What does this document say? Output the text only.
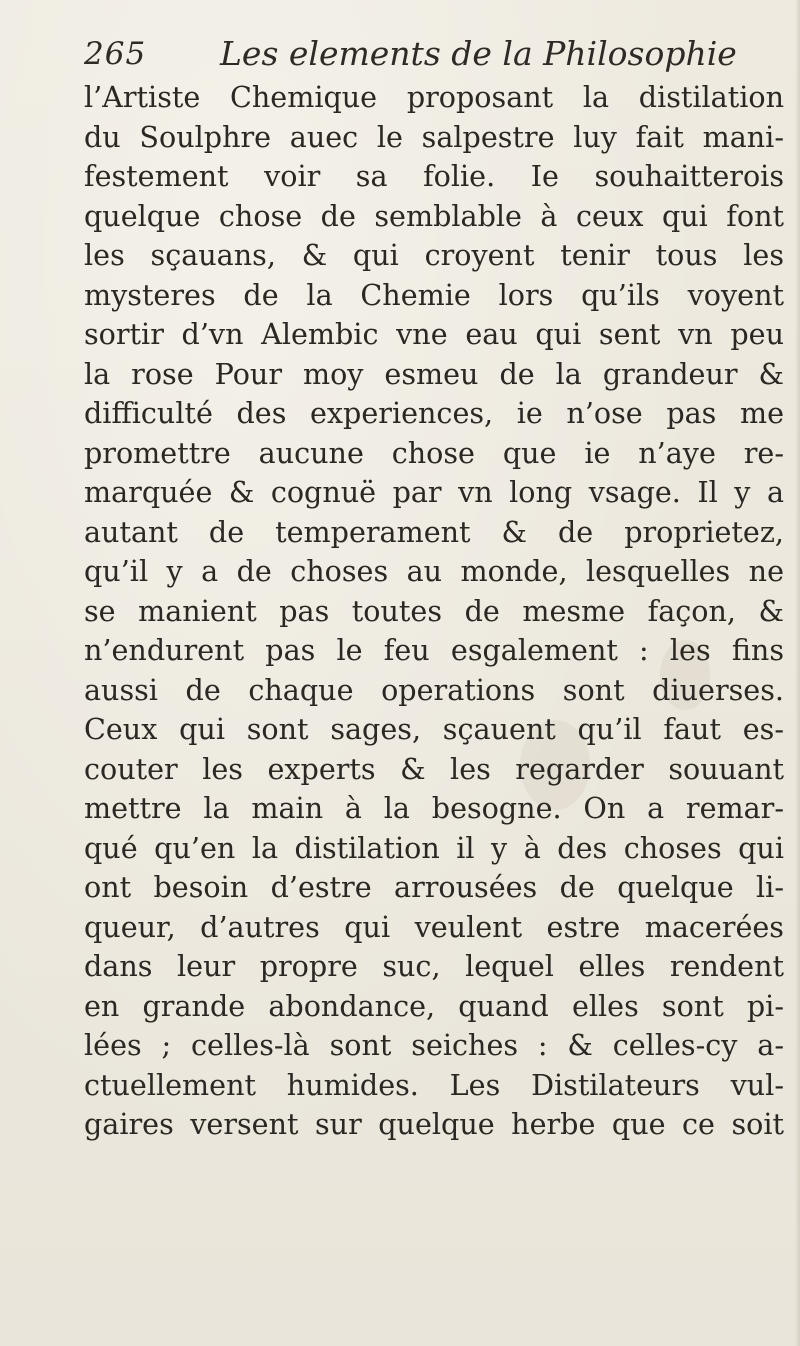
265 Les elements de la Philosophie
l’Artiste Chemique proposant la distilation
du Soulphre auec le salpestre luy fait mani-
festement voir sa folie. Ie souhaitterois
quelque chose de semblable à ceux qui font
les sçauans, & qui croyent tenir tous les
mysteres de la Chemie lors qu’ils voyent
sortir d’vn Alembic vne eau qui sent vn peu
la rose Pour moy esmeu de la grandeur &
difficulté des experiences, ie n’ose pas me
promettre aucune chose que ie n’aye re-
marquée & cognuë par vn long vsage. Il y a
autant de temperament & de proprietez,
qu’il y a de choses au monde, lesquelles ne
se manient pas toutes de mesme façon, &
n’endurent pas le feu esgalement : les fins
aussi de chaque operations sont diuerses.
Ceux qui sont sages, sçauent qu’il faut es-
couter les experts & les regarder souuant
mettre la main à la besogne. On a remar-
qué qu’en la distilation il y à des choses qui
ont besoin d’estre arrousées de quelque li-
queur, d’autres qui veulent estre macerées
dans leur propre suc, lequel elles rendent
en grande abondance, quand elles sont pi-
lées ; celles-là sont seiches : & celles-cy a-
ctuellement humides. Les Distilateurs vul-
gaires versent sur quelque herbe que ce soit
